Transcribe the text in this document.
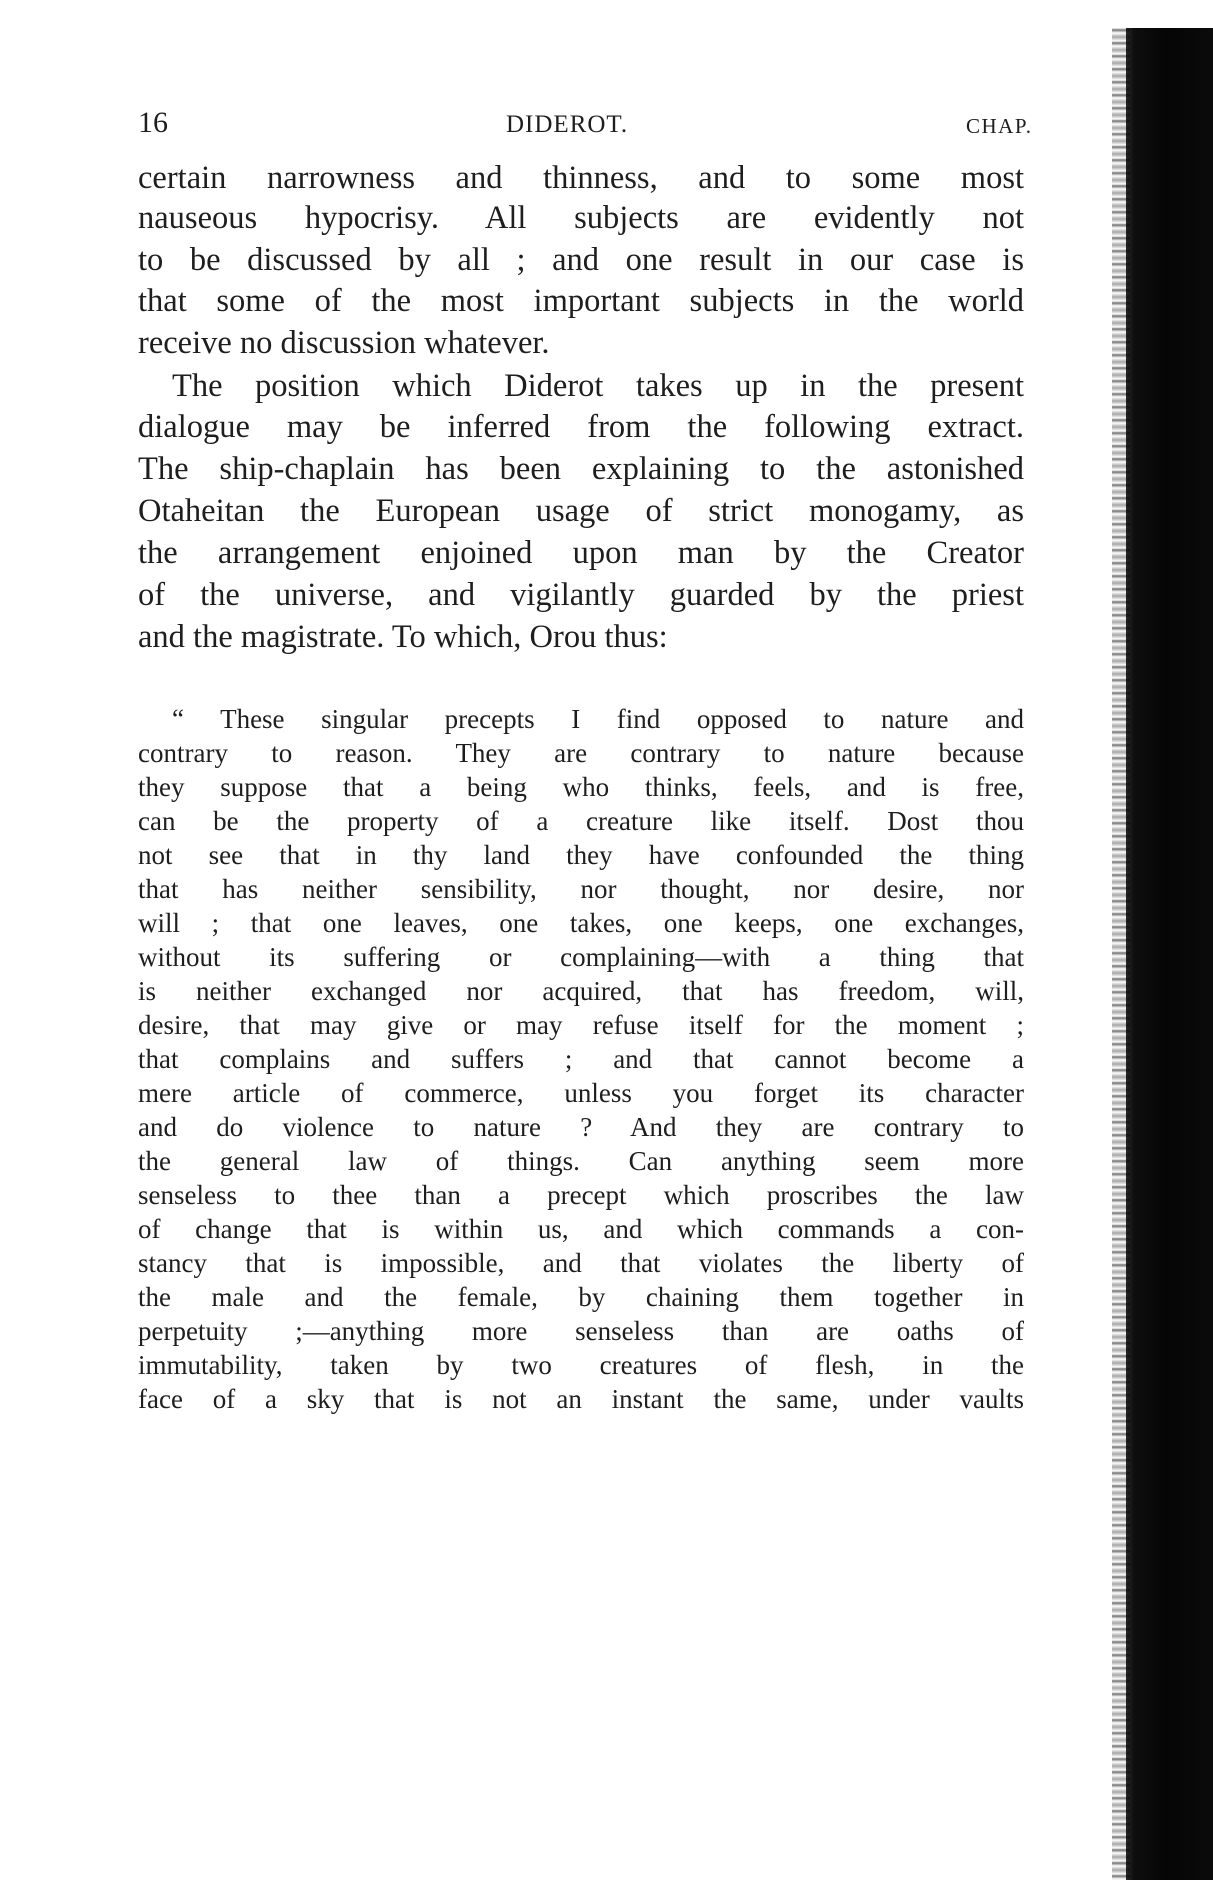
16	DIDEROT.	CHAP.
certain narrowness and thinness, and to some most
nauseous hypocrisy. All subjects are evidently not
to be discussed by all ; and one result in our case is
that some of the most important subjects in the world
receive no discussion whatever.
The position which Diderot takes up in the present
dialogue may be inferred from the following extract.
The ship-chaplain has been explaining to the astonished
Otaheitan the European usage of strict monogamy, as
the arrangement enjoined upon man by the Creator
of the universe, and vigilantly guarded by the priest
and the magistrate. To which, Orou thus:
“ These singular precepts I find opposed to nature and
contrary to reason. They are contrary to nature because
they suppose that a being who thinks, feels, and is free,
can be the property of a creature like itself. Dost thou
not see that in thy land they have confounded the thing
that has neither sensibility, nor thought, nor desire, nor
will ; that one leaves, one takes, one keeps, one exchanges,
without its suffering or complaining—with a thing that
is neither exchanged nor acquired, that has freedom, will,
desire, that may give or may refuse itself for the moment ;
that complains and suffers ; and that cannot become a
mere article of commerce, unless you forget its character
and do violence to nature ? And they are contrary to
the general law of things. Can anything seem more
senseless to thee than a precept which proscribes the law
of change that is within us, and which commands a con-
stancy that is impossible, and that violates the liberty of
the male and the female, by chaining them together in
perpetuity ;—anything more senseless than are oaths of
immutability, taken by two creatures of flesh, in the
face of a sky that is not an instant the same, under vaults
